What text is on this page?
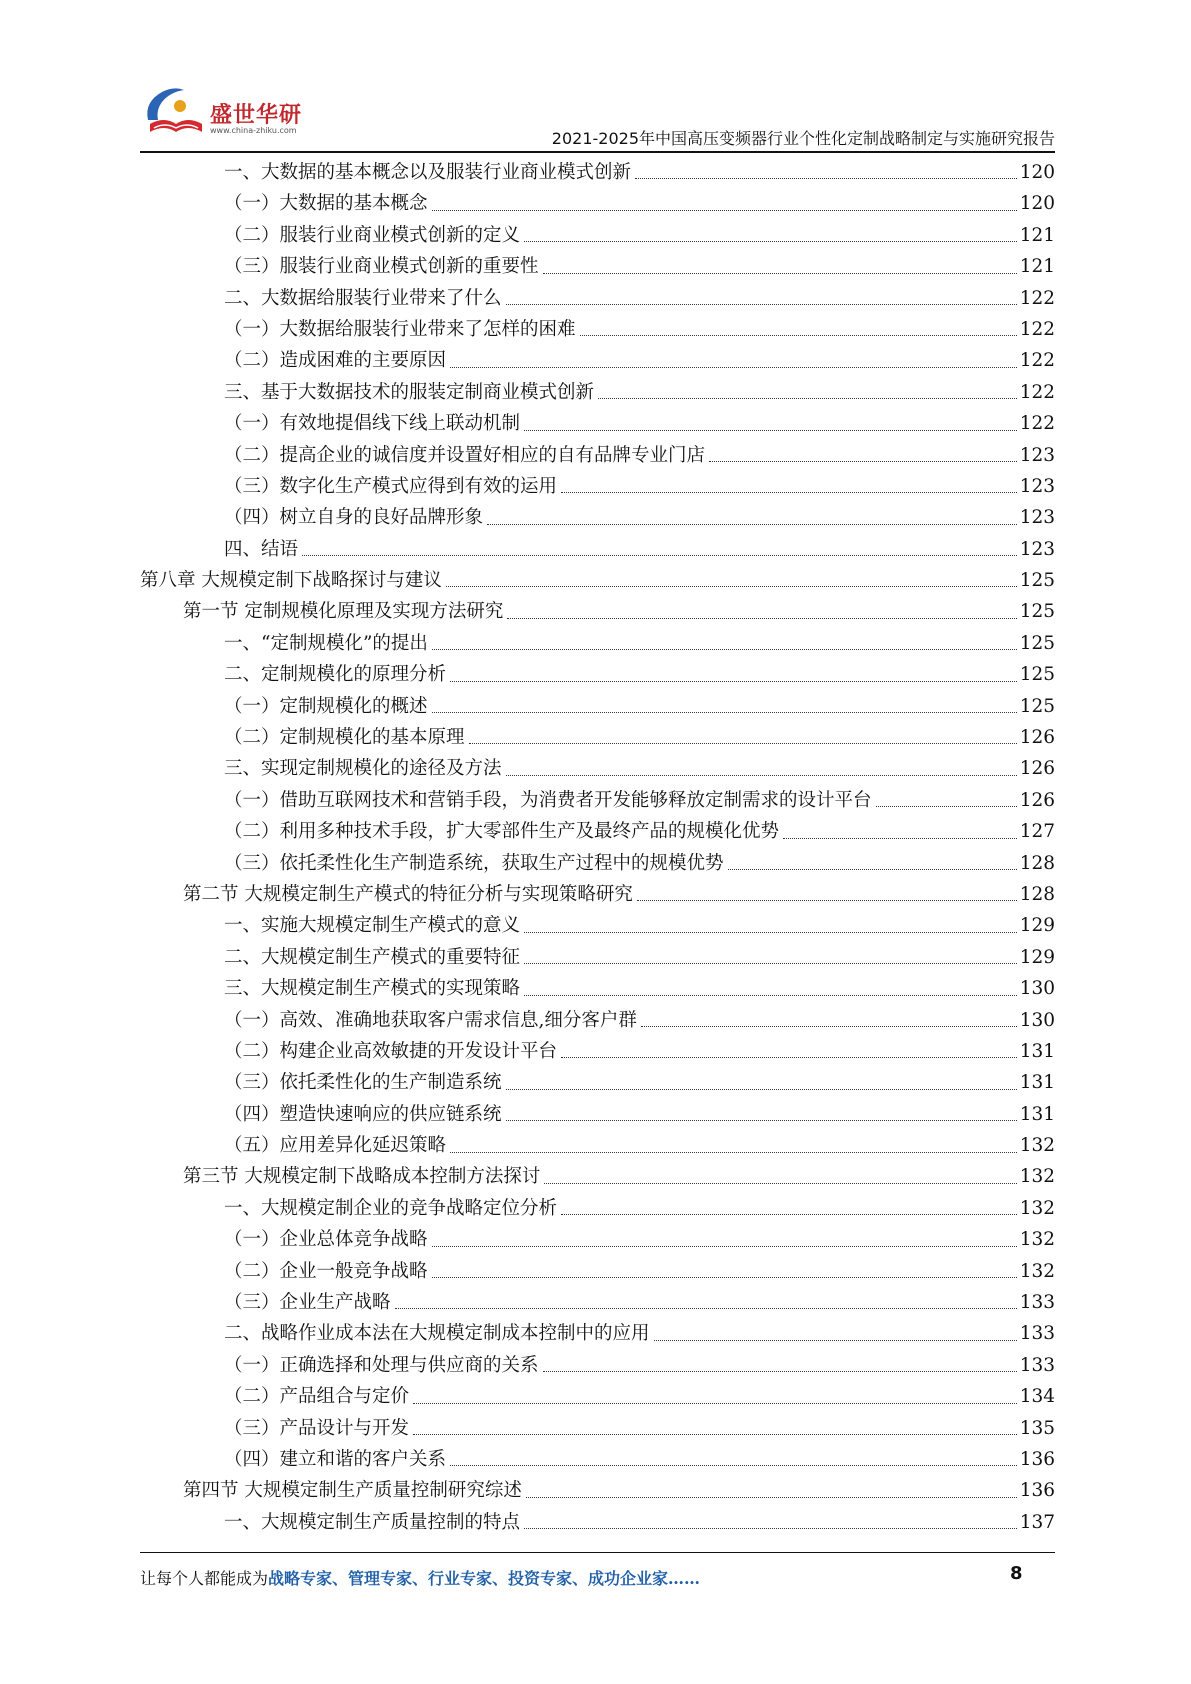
盛世华研
www.china-zhiku.com	2021-2025年中国高压变频器行业个性化定制战略制定与实施研究报告
一、大数据的基本概念以及服装行业商业模式创新	120
（一）大数据的基本概念	120
（二）服装行业商业模式创新的定义	121
（三）服装行业商业模式创新的重要性	121
二、大数据给服装行业带来了什么	122
（一）大数据给服装行业带来了怎样的困难	122
（二）造成困难的主要原因	122
三、基于大数据技术的服装定制商业模式创新	122
（一）有效地提倡线下线上联动机制	122
（二）提高企业的诚信度并设置好相应的自有品牌专业门店	123
（三）数字化生产模式应得到有效的运用	123
（四）树立自身的良好品牌形象	123
四、结语	123
第八章 大规模定制下战略探讨与建议	125
第一节 定制规模化原理及实现方法研究	125
一、“定制规模化”的提出	125
二、定制规模化的原理分析	125
（一）定制规模化的概述	125
（二）定制规模化的基本原理	126
三、实现定制规模化的途径及方法	126
（一）借助互联网技术和营销手段，为消费者开发能够释放定制需求的设计平台	126
（二）利用多种技术手段，扩大零部件生产及最终产品的规模化优势	127
（三）依托柔性化生产制造系统，获取生产过程中的规模优势	128
第二节 大规模定制生产模式的特征分析与实现策略研究	128
一、实施大规模定制生产模式的意义	129
二、大规模定制生产模式的重要特征	129
三、大规模定制生产模式的实现策略	130
（一）高效、准确地获取客户需求信息,细分客户群	130
（二）构建企业高效敏捷的开发设计平台	131
（三）依托柔性化的生产制造系统	131
（四）塑造快速响应的供应链系统	131
（五）应用差异化延迟策略	132
第三节 大规模定制下战略成本控制方法探讨	132
一、大规模定制企业的竞争战略定位分析	132
（一）企业总体竞争战略	132
（二）企业一般竞争战略	132
（三）企业生产战略	133
二、战略作业成本法在大规模定制成本控制中的应用	133
（一）正确选择和处理与供应商的关系	133
（二）产品组合与定价	134
（三）产品设计与开发	135
（四）建立和谐的客户关系	136
第四节 大规模定制生产质量控制研究综述	136
一、大规模定制生产质量控制的特点	137
让每个人都能成为战略专家、管理专家、行业专家、投资专家、成功企业家……	8
